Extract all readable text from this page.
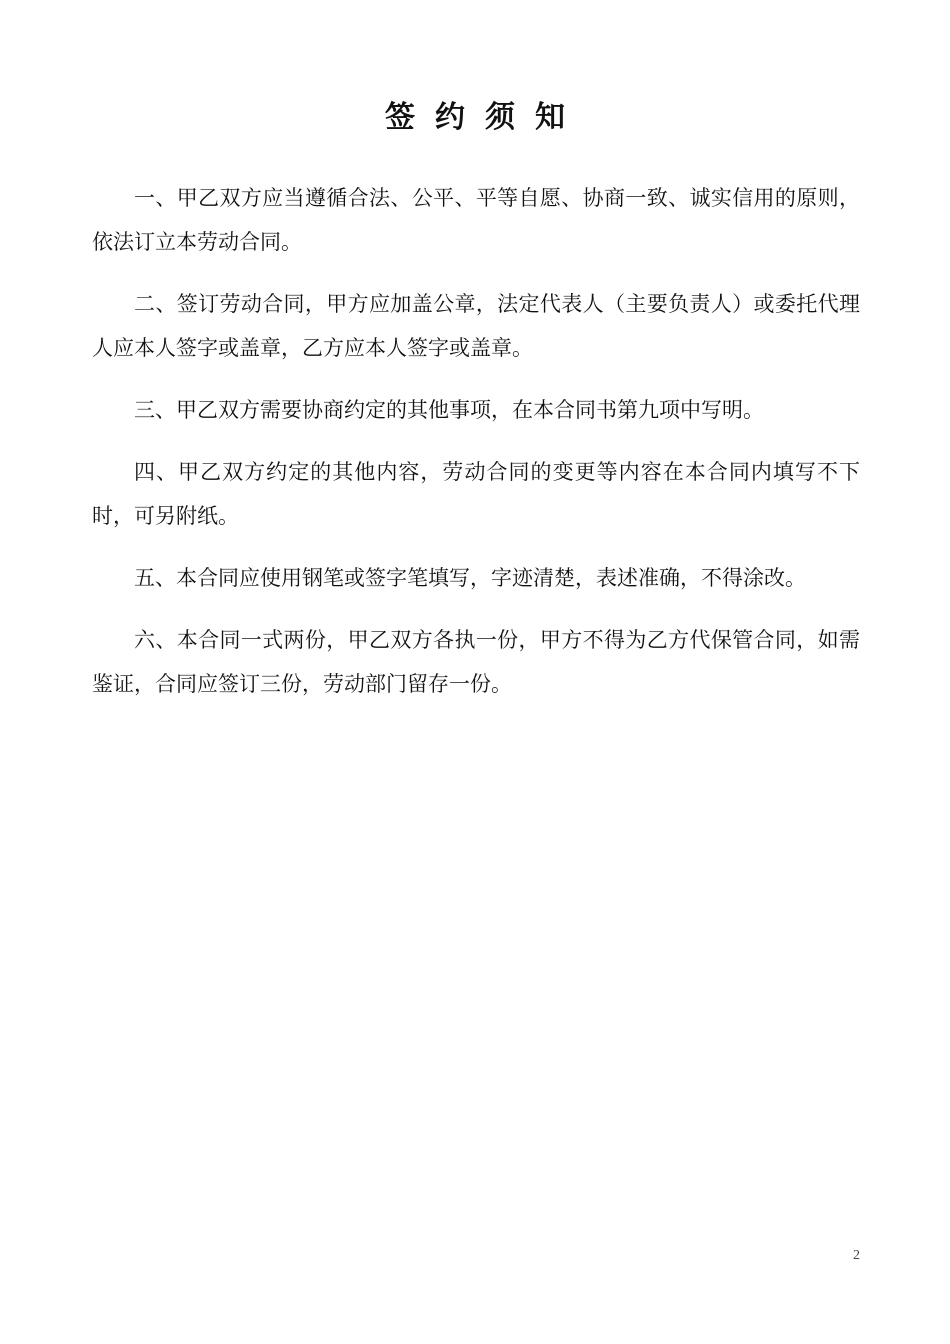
签约须知

一、甲乙双方应当遵循合法、公平、平等自愿、协商一致、诚实信用的原则，依法订立本劳动合同。

二、签订劳动合同，甲方应加盖公章，法定代表人（主要负责人）或委托代理人应本人签字或盖章，乙方应本人签字或盖章。

三、甲乙双方需要协商约定的其他事项，在本合同书第九项中写明。

四、甲乙双方约定的其他内容，劳动合同的变更等内容在本合同内填写不下时，可另附纸。

五、本合同应使用钢笔或签字笔填写，字迹清楚，表述准确，不得涂改。

六、本合同一式两份，甲乙双方各执一份，甲方不得为乙方代保管合同，如需鉴证，合同应签订三份，劳动部门留存一份。

2
